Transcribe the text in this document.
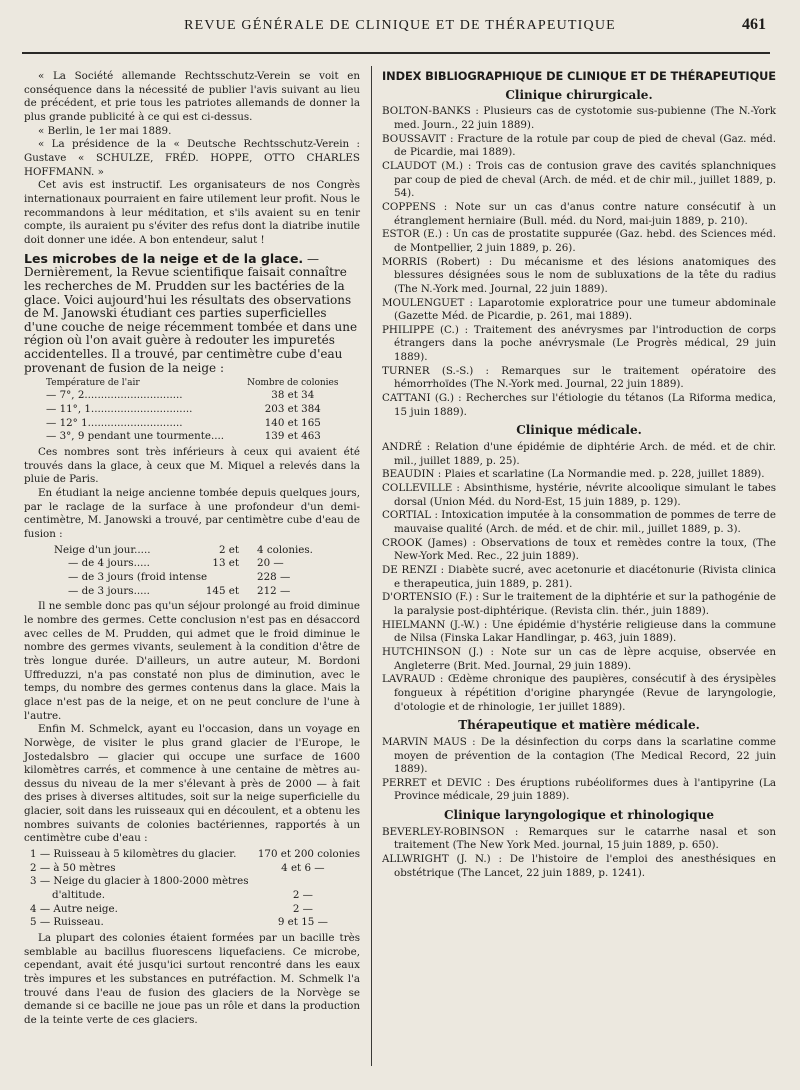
REVUE GÉNÉRALE DE CLINIQUE ET DE THÉRAPEUTIQUE	461

« La Société allemande Rechtsschutz-Verein se voit en conséquence dans la nécessité de publier l'avis suivant au lieu de précédent, et prie tous les patriotes allemands de donner la plus grande publicité à ce qui est ci-dessus.

« Berlin, le 1er mai 1889.

« La présidence de la « Deutsche Rechtsschutz-Verein : Gustave « SCHULZE, FRÉD. HOPPE, OTTO CHARLES HOFFMANN. »

Cet avis est instructif. Les organisateurs de nos Congrès internationaux pourraient en faire utilement leur profit. Nous le recommandons à leur méditation, et s'ils avaient su en tenir compte, ils auraient pu s'éviter des refus dont la diatribe inutile doit donner une idée. A bon entendeur, salut !

Les microbes de la neige et de la glace. — Dernièrement, la Revue scientifique faisait connaître les recherches de M. Prudden sur les bactéries de la glace. Voici aujourd'hui les résultats des observations de M. Janowski étudiant ces parties superficielles d'une couche de neige récemment tombée et dans une région où l'on avait guère à redouter les impuretés accidentelles. Il a trouvé, par centimètre cube d'eau provenant de fusion de la neige :

Température de l'air	Nombre de colonies
— 7°, 2..............................	38 et 34
— 11°, 1...............................	203 et 384
— 12° 1.............................	140 et 165
— 3°, 9 pendant une tourmente....	139 et 463

Ces nombres sont très inférieurs à ceux qui avaient été trouvés dans la glace, à ceux que M. Miquel a relevés dans la pluie de Paris.

En étudiant la neige ancienne tombée depuis quelques jours, par le raclage de la surface à une profondeur d'un demi-centimètre, M. Janowski a trouvé, par centimètre cube d'eau de fusion :

Neige d'un jour.....	2 et	4 colonies.
— de 4 jours.....	13 et	20 —
— de 3 jours (froid intense		228 —
— de 3 jours.....	145 et	212 —

Il ne semble donc pas qu'un séjour prolongé au froid diminue le nombre des germes. Cette conclusion n'est pas en désaccord avec celles de M. Prudden, qui admet que le froid diminue le nombre des germes vivants, seulement à la condition d'être de très longue durée. D'ailleurs, un autre auteur, M. Bordoni Uffreduzzi, n'a pas constaté non plus de diminution, avec le temps, du nombre des germes contenus dans la glace. Mais la glace n'est pas de la neige, et on ne peut conclure de l'une à l'autre.

Enfin M. Schmelck, ayant eu l'occasion, dans un voyage en Norwège, de visiter le plus grand glacier de l'Europe, le Jostedalsbro — glacier qui occupe une surface de 1600 kilomètres carrés, et commence à une centaine de mètres au-dessus du niveau de la mer s'élevant à près de 2000 — à fait des prises à diverses altitudes, soit sur la neige superficielle du glacier, soit dans les ruisseaux qui en découlent, et a obtenu les nombres suivants de colonies bactériennes, rapportés à un centimètre cube d'eau :

1 — Ruisseau à 5 kilomètres du glacier.	170 et 200 colonies
2 — à 50 mètres	4 et 6 —
3 — Neige du glacier à 1800-2000 mètres	
d'altitude.	2 —
4 — Autre neige.	2 —
5 — Ruisseau.	9 et 15 —

La plupart des colonies étaient formées par un bacille très semblable au bacillus fluorescens liquefaciens. Ce microbe, cependant, avait été jusqu'ici surtout rencontré dans les eaux très impures et les substances en putréfaction. M. Schmelk l'a trouvé dans l'eau de fusion des glaciers de la Norvège se demande si ce bacille ne joue pas un rôle et dans la production de la teinte verte de ces glaciers.

INDEX BIBLIOGRAPHIQUE DE CLINIQUE ET DE THÉRAPEUTIQUE
Clinique chirurgicale.

BOLTON-BANKS : Plusieurs cas de cystotomie sus-pubienne (The N.-York med. Journ., 22 juin 1889).

BOUSSAVIT : Fracture de la rotule par coup de pied de cheval (Gaz. méd. de Picardie, mai 1889).

CLAUDOT (M.) : Trois cas de contusion grave des cavités splanchniques par coup de pied de cheval (Arch. de méd. et de chir mil., juillet 1889, p. 54).

COPPENS : Note sur un cas d'anus contre nature consécutif à un étranglement herniaire (Bull. méd. du Nord, mai-juin 1889, p. 210).

ESTOR (E.) : Un cas de prostatite suppurée (Gaz. hebd. des Sciences méd. de Montpellier, 2 juin 1889, p. 26).

MORRIS (Robert) : Du mécanisme et des lésions anatomiques des blessures désignées sous le nom de subluxations de la tête du radius (The N.-York med. Journal, 22 juin 1889).

MOULENGUET : Laparotomie exploratrice pour une tumeur abdominale (Gazette Méd. de Picardie, p. 261, mai 1889).

PHILIPPE (C.) : Traitement des anévrysmes par l'introduction de corps étrangers dans la poche anévrysmale (Le Progrès médical, 29 juin 1889).

TURNER (S.-S.) : Remarques sur le traitement opératoire des hémorrhoïdes (The N.-York med. Journal, 22 juin 1889).

CATTANI (G.) : Recherches sur l'étiologie du tétanos (La Riforma medica, 15 juin 1889).

Clinique médicale.

ANDRÉ : Relation d'une épidémie de diphtérie Arch. de méd. et de chir. mil., juillet 1889, p. 25).

BEAUDIN : Plaies et scarlatine (La Normandie med. p. 228, juillet 1889).

COLLEVILLE : Absinthisme, hystérie, névrite alcoolique simulant le tabes dorsal (Union Méd. du Nord-Est, 15 juin 1889, p. 129).

CORTIAL : Intoxication imputée à la consommation de pommes de terre de mauvaise qualité (Arch. de méd. et de chir. mil., juillet 1889, p. 3).

CROOK (James) : Observations de toux et remèdes contre la toux, (The New-York Med. Rec., 22 juin 1889).

DE RENZI : Diabète sucré, avec acetonurie et diacétonurie (Rivista clinica e therapeutica, juin 1889, p. 281).

D'ORTENSIO (F.) : Sur le traitement de la diphtérie et sur la pathogénie de la paralysie post-diphtérique. (Revista clin. thér., juin 1889).

HIELMANN (J.-W.) : Une épidémie d'hystérie religieuse dans la commune de Nilsa (Finska Lakar Handlingar, p. 463, juin 1889).

HUTCHINSON (J.) : Note sur un cas de lèpre acquise, observée en Angleterre (Brit. Med. Journal, 29 juin 1889).

LAVRAUD : Œdème chronique des paupières, consécutif à des érysipèles fongueux à répétition d'origine pharyngée (Revue de laryngologie, d'otologie et de rhinologie, 1er juillet 1889).

Thérapeutique et matière médicale.

MARVIN MAUS : De la désinfection du corps dans la scarlatine comme moyen de prévention de la contagion (The Medical Record, 22 juin 1889).

PERRET et DEVIC : Des éruptions rubéoliformes dues à l'antipyrine (La Province médicale, 29 juin 1889).

Clinique laryngologique et rhinologique

BEVERLEY-ROBINSON : Remarques sur le catarrhe nasal et son traitement (The New York Med. journal, 15 juin 1889, p. 650).

ALLWRIGHT (J. N.) : De l'histoire de l'emploi des anesthésiques en obstétrique (The Lancet, 22 juin 1889, p. 1241).
